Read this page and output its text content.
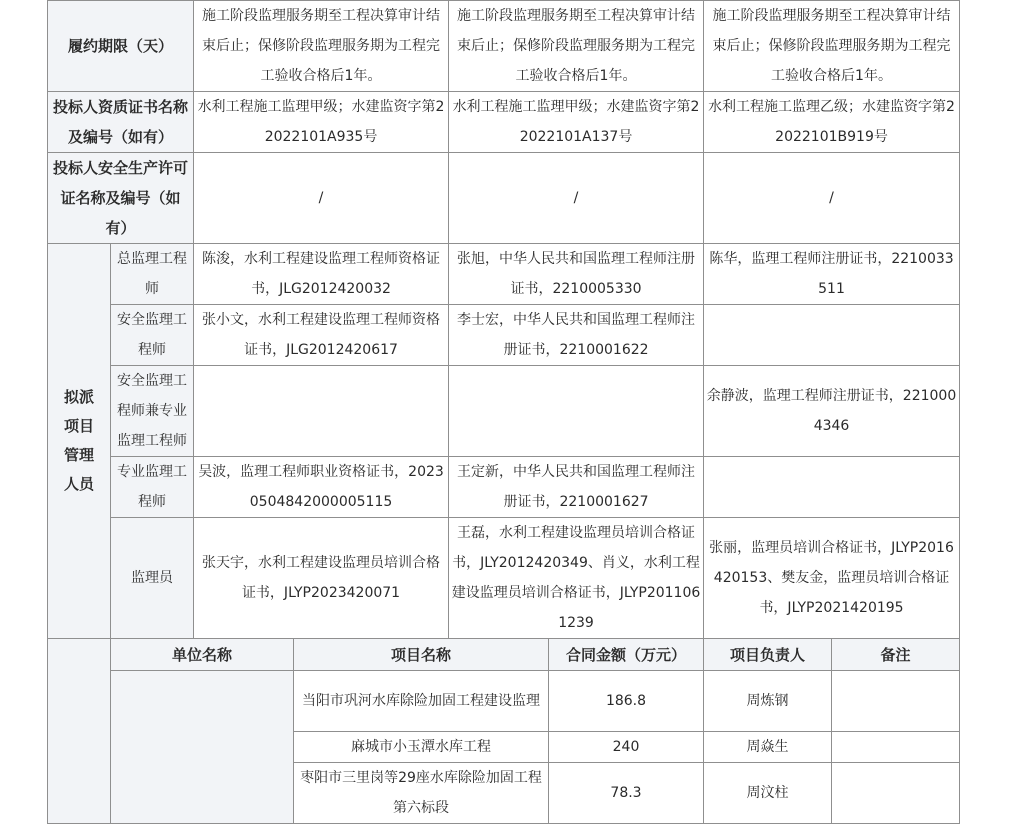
履约期限（天）		施工阶段监理服务期至工程决算审计结束后止；保修阶段监理服务期为工程完工验收合格后1年。	施工阶段监理服务期至工程决算审计结束后止；保修阶段监理服务期为工程完工验收合格后1年。	施工阶段监理服务期至工程决算审计结束后止；保修阶段监理服务期为工程完工验收合格后1年。
投标人资质证书名称及编号（如有）		水利工程施工监理甲级；水建监资字第22022101A935号	水利工程施工监理甲级；水建监资字第22022101A137号	水利工程施工监理乙级；水建监资字第22022101B919号
投标人安全生产许可证名称及编号（如有）		/	/	/
拟派项目管理人员	总监理工程师	陈浚，水利工程建设监理工程师资格证书，JLG2012420032	张旭，中华人民共和国监理工程师注册证书，2210005330	陈华，监理工程师注册证书，2210033511
	安全监理工程师	张小文，水利工程建设监理工程师资格证书，JLG2012420617	李士宏，中华人民共和国监理工程师注册证书，2210001622	
	安全监理工程师兼专业监理工程师			余静波，监理工程师注册证书，2210004346
	专业监理工程师	吴波，监理工程师职业资格证书，20230504842000005115	王定新，中华人民共和国监理工程师注册证书，2210001627	
	监理员	张天宇，水利工程建设监理员培训合格证书，JLYP2023420071	王磊，水利工程建设监理员培训合格证书，JLY2012420349、肖义，水利工程建设监理员培训合格证书，JLYP2011061239	张丽，监理员培训合格证书，JLYP2016420153、樊友金，监理员培训合格证书，JLYP2021420195
	单位名称	项目名称	合同金额（万元）	项目负责人	备注
		当阳市巩河水库除险加固工程建设监理	186.8	周炼钢	
		麻城市小玉潭水库工程	240	周焱生	
		枣阳市三里岗等29座水库除险加固工程第六标段	78.3	周汶柱	
